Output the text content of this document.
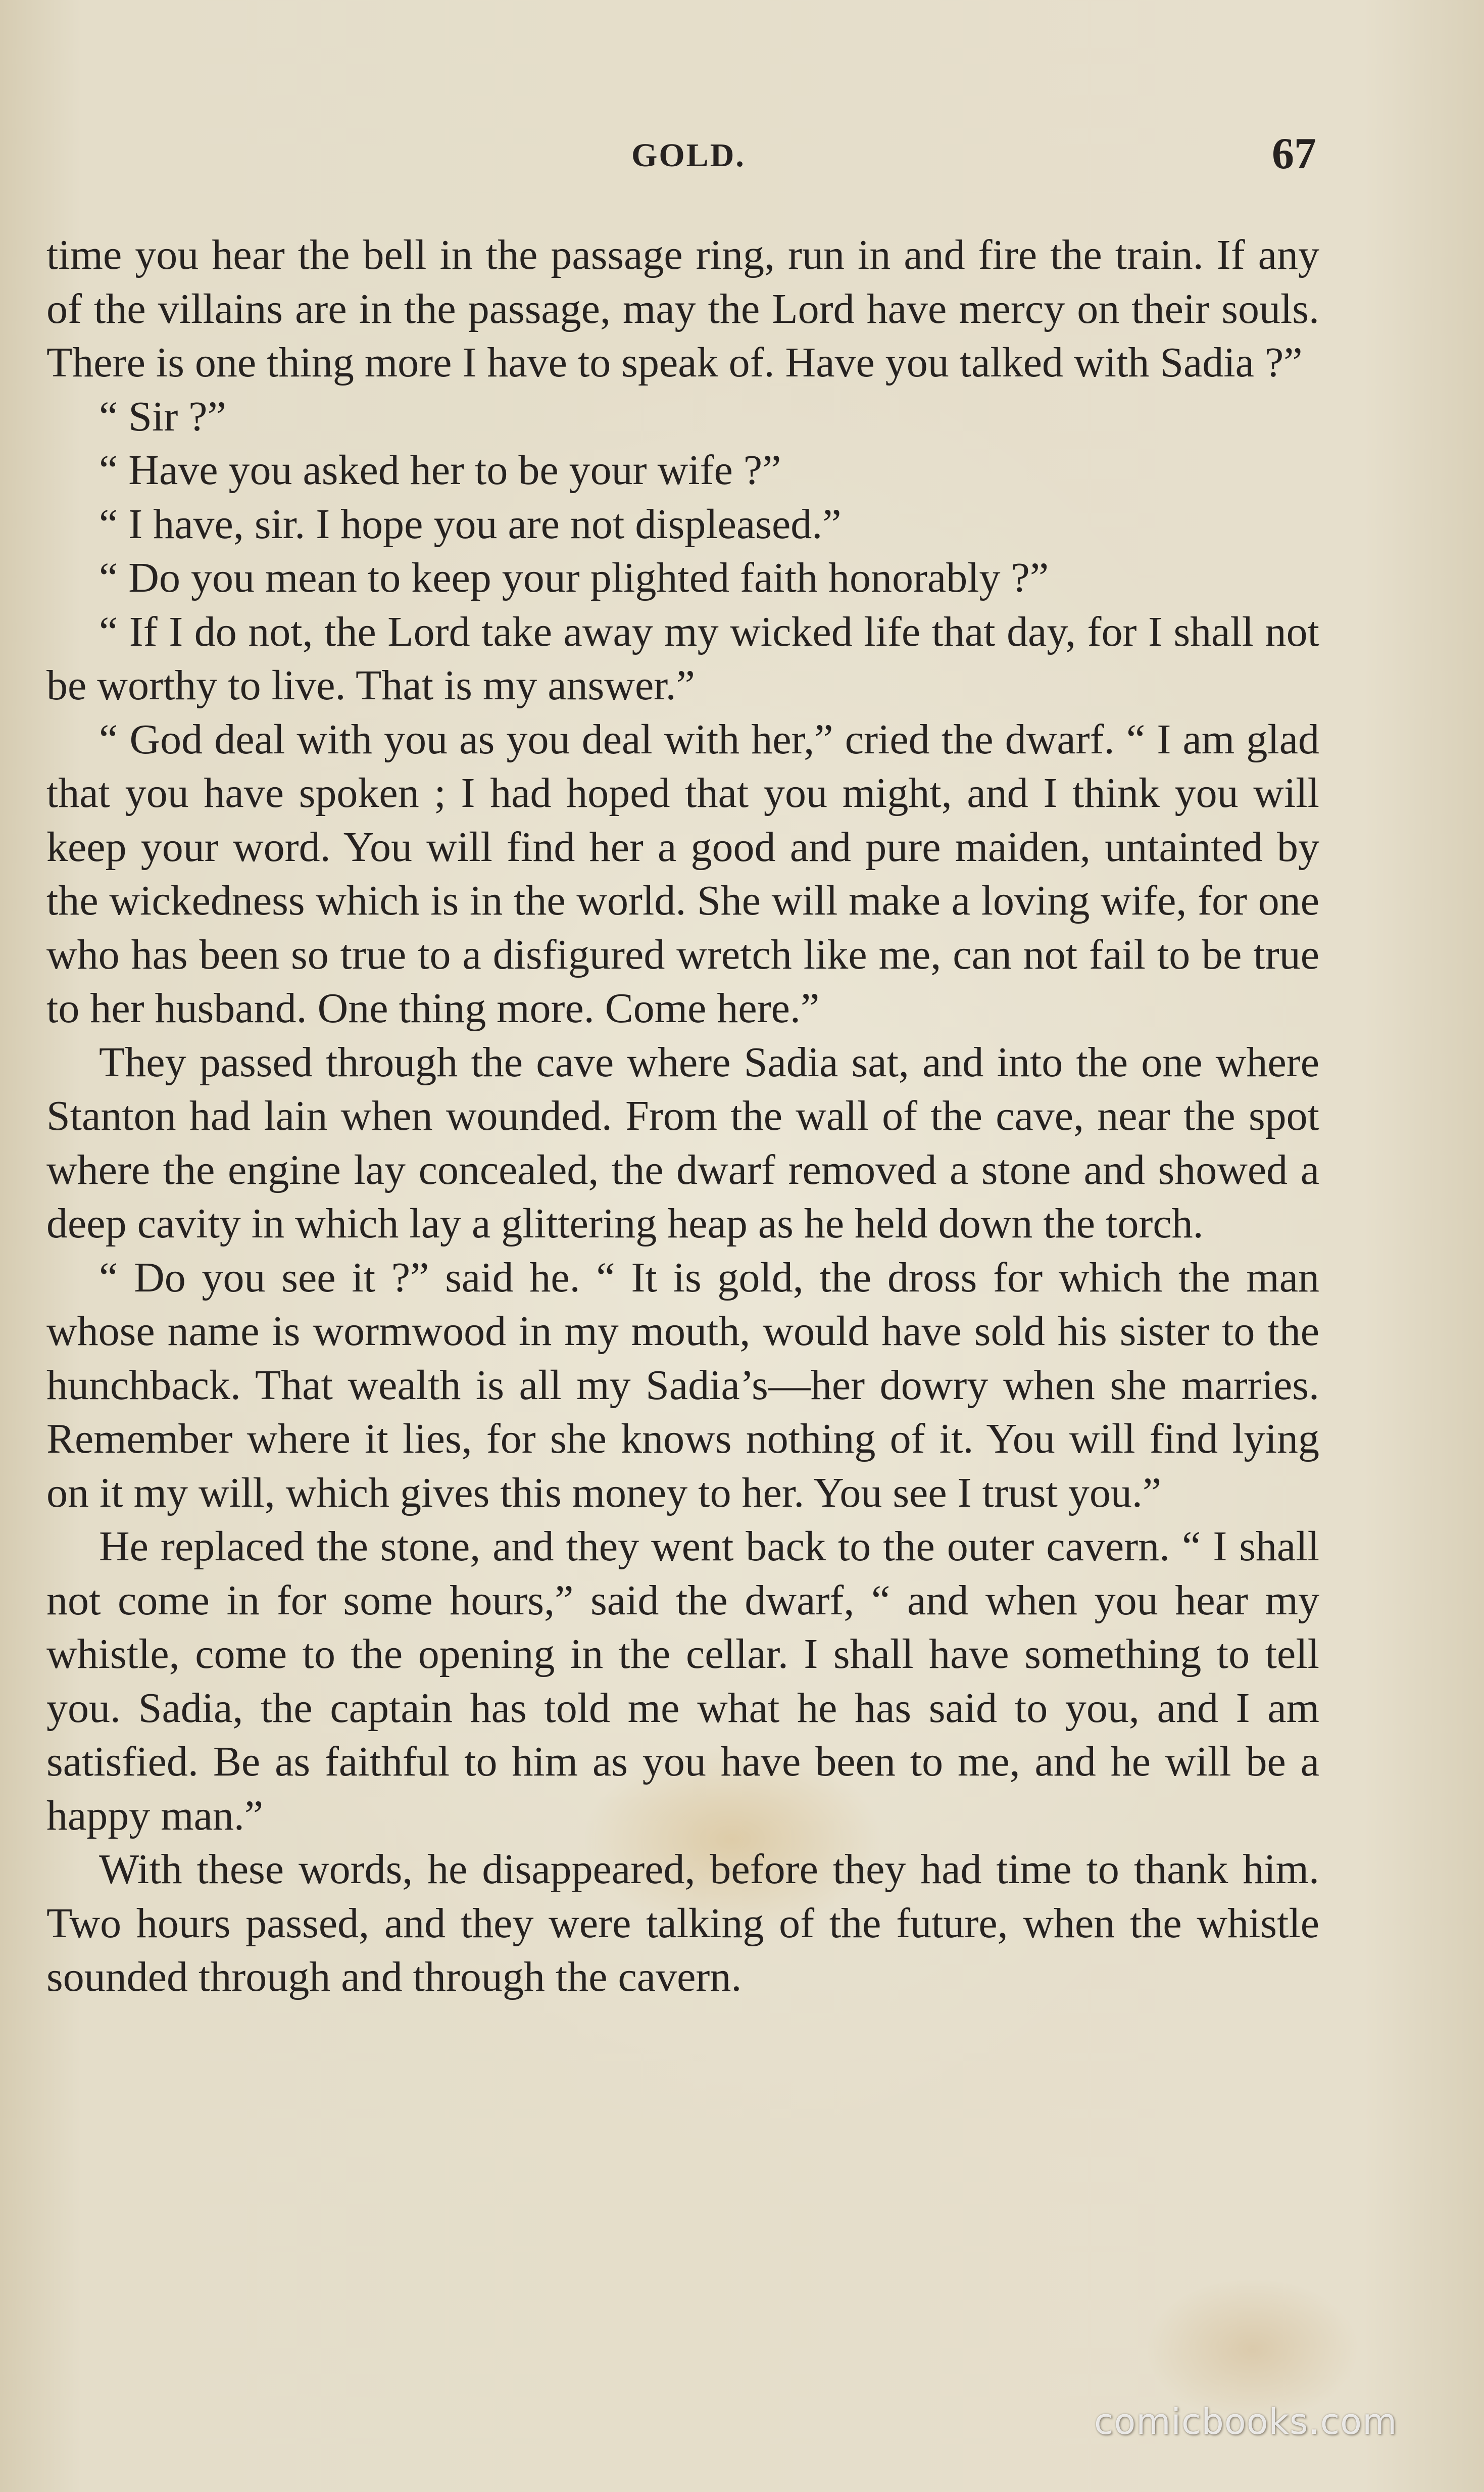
GOLD.	67

time you hear the bell in the passage ring, run in and fire the train. If any of the villains are in the passage, may the Lord have mercy on their souls. There is one thing more I have to speak of. Have you talked with Sadia ?”

“ Sir ?”

“ Have you asked her to be your wife ?”

“ I have, sir. I hope you are not displeased.”

“ Do you mean to keep your plighted faith honorably ?”

“ If I do not, the Lord take away my wicked life that day, for I shall not be worthy to live. That is my answer.”

“ God deal with you as you deal with her,” cried the dwarf. “ I am glad that you have spoken ; I had hoped that you might, and I think you will keep your word. You will find her a good and pure maiden, untainted by the wickedness which is in the world. She will make a loving wife, for one who has been so true to a disfigured wretch like me, can not fail to be true to her husband. One thing more. Come here.”

They passed through the cave where Sadia sat, and into the one where Stanton had lain when wounded. From the wall of the cave, near the spot where the engine lay concealed, the dwarf removed a stone and showed a deep cavity in which lay a glittering heap as he held down the torch.

“ Do you see it ?” said he. “ It is gold, the dross for which the man whose name is wormwood in my mouth, would have sold his sister to the hunchback. That wealth is all my Sadia’s—her dowry when she marries. Remember where it lies, for she knows nothing of it. You will find lying on it my will, which gives this money to her. You see I trust you.”

He replaced the stone, and they went back to the outer cavern. “ I shall not come in for some hours,” said the dwarf, “ and when you hear my whistle, come to the opening in the cellar. I shall have something to tell you. Sadia, the captain has told me what he has said to you, and I am satisfied. Be as faithful to him as you have been to me, and he will be a happy man.”

With these words, he disappeared, before they had time to thank him. Two hours passed, and they were talking of the future, when the whistle sounded through and through the cavern.

comicbooks.com
